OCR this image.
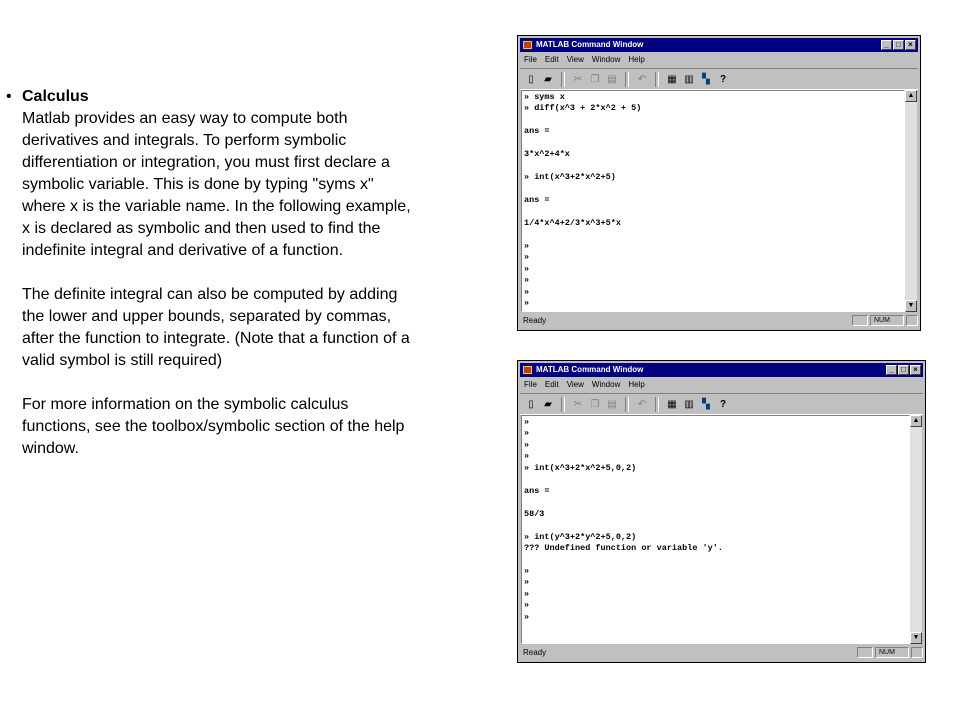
• Calculus

Matlab provides an easy way to compute both derivatives and integrals. To perform symbolic differentiation or integration, you must first declare a symbolic variable. This is done by typing "syms x" where x is the variable name. In the following example, x is declared as symbolic and then used to find the indefinite integral and derivative of a function.

The definite integral can also be computed by adding the lower and upper bounds, separated by commas, after the function to integrate. (Note that a function of a valid symbol is still required)

For more information on the symbolic calculus functions, see the toolbox/symbolic section of the help window.

MATLAB Command Window	_ □ ×
File Edit View Window Help
▯	▰	✂ ❐ ▤ ↶ ▦ ▥ ▚	?
» syms x
» diff(x^3 + 2*x^2 + 5)

ans =

3*x^2+4*x

» int(x^3+2*x^2+5)

ans =

1/4*x^4+2/3*x^3+5*x

»
»
»
»
»
»
▲
▼
Ready	NUM
MATLAB Command Window	_ □ ×
File Edit View Window Help
▯	▰	✂ ❐ ▤ ↶ ▦ ▥ ▚	?
»
»
»
»
» int(x^3+2*x^2+5,0,2)

ans =

58/3

» int(y^3+2*y^2+5,0,2)
??? Undefined function or variable 'y'.

»
»
»
»
»
▲
▼
Ready	NUM
